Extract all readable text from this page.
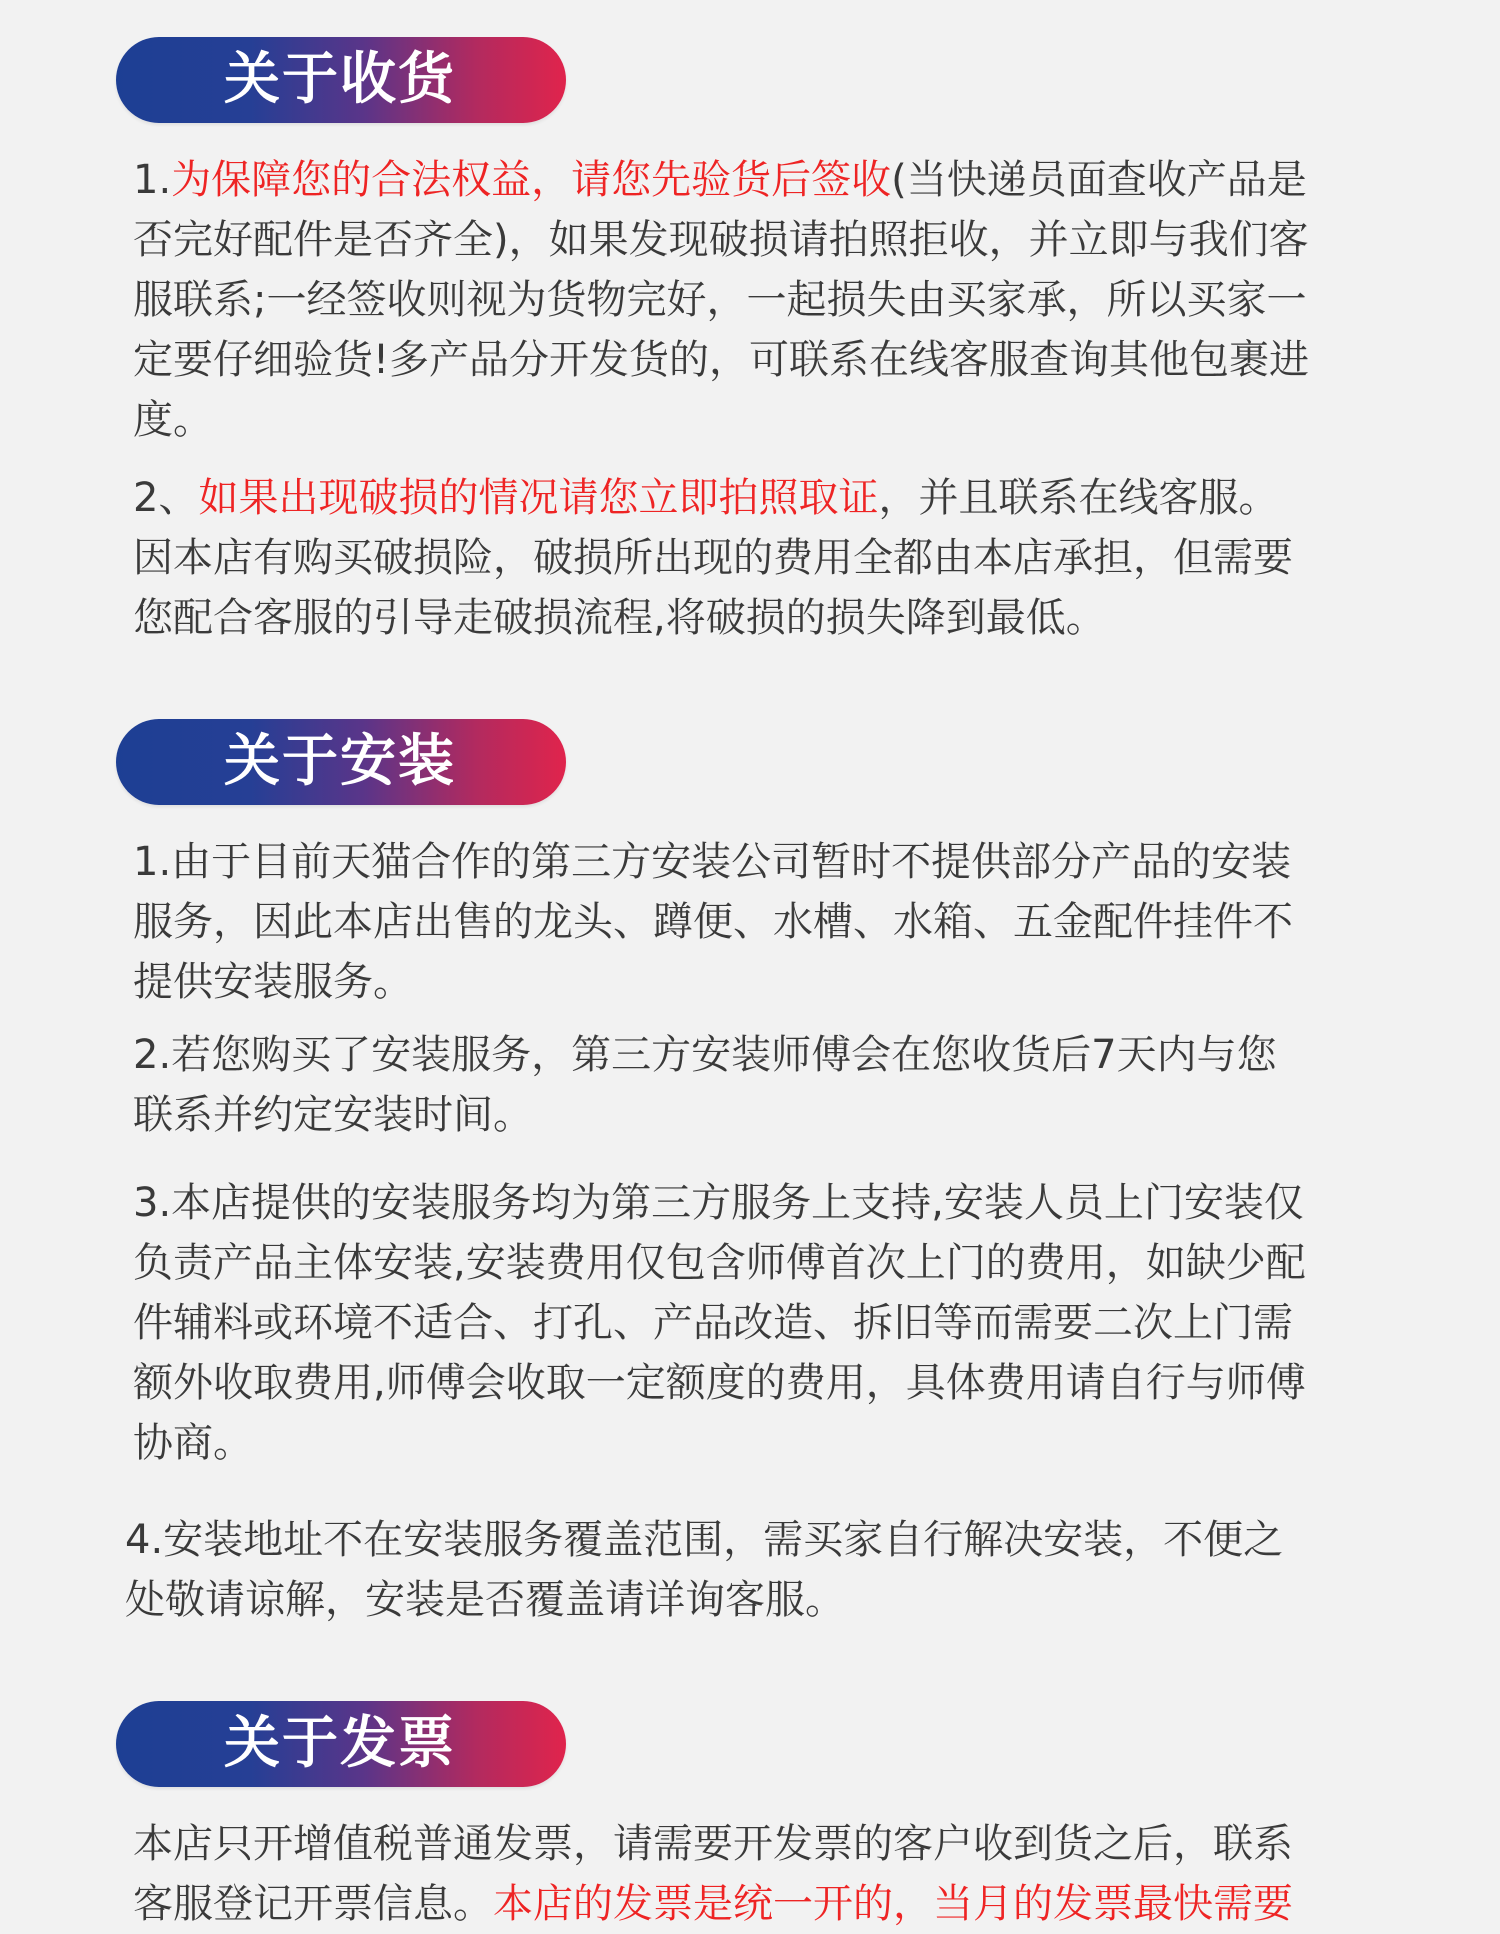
关于收货
1.为保障您的合法权益，请您先验货后签收(当快递员面查收产品是
否完好配件是否齐全)，如果发现破损请拍照拒收，并立即与我们客
服联系;一经签收则视为货物完好，一起损失由买家承，所以买家一
定要仔细验货!多产品分开发货的，可联系在线客服查询其他包裹进
度。
2、如果出现破损的情况请您立即拍照取证，并且联系在线客服。
因本店有购买破损险，破损所出现的费用全都由本店承担，但需要
您配合客服的引导走破损流程,将破损的损失降到最低。
关于安装
1.由于目前天猫合作的第三方安装公司暂时不提供部分产品的安装
服务，因此本店出售的龙头、蹲便、水槽、水箱、五金配件挂件不
提供安装服务。
2.若您购买了安装服务，第三方安装师傅会在您收货后7天内与您
联系并约定安装时间。
3.本店提供的安装服务均为第三方服务上支持,安装人员上门安装仅
负责产品主体安装,安装费用仅包含师傅首次上门的费用，如缺少配
件辅料或环境不适合、打孔、产品改造、拆旧等而需要二次上门需
额外收取费用,师傅会收取一定额度的费用，具体费用请自行与师傅
协商。
4.安装地址不在安装服务覆盖范围，需买家自行解决安装，不便之
处敬请谅解，安装是否覆盖请详询客服。
关于发票
本店只开增值税普通发票，请需要开发票的客户收到货之后，联系
客服登记开票信息。本店的发票是统一开的，当月的发票最快需要
